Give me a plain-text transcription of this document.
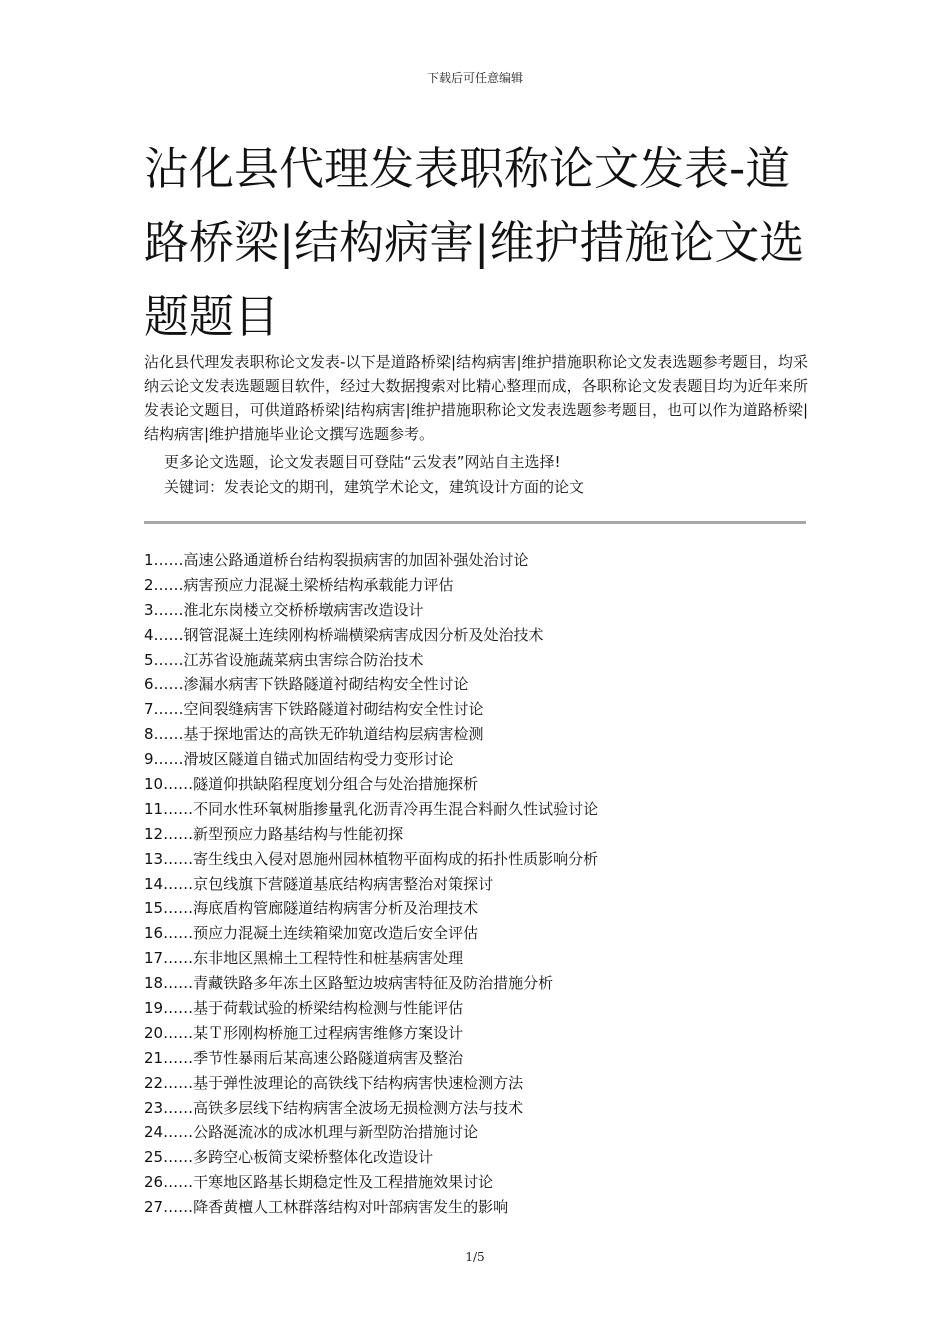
下载后可任意编辑
沾化县代理发表职称论文发表-道路桥梁|结构病害|维护措施论文选题题目

沾化县代理发表职称论文发表-以下是道路桥梁|结构病害|维护措施职称论文发表选题参考题目，均采纳云论文发表选题题目软件，经过大数据搜索对比精心整理而成，各职称论文发表题目均为近年来所发表论文题目，可供道路桥梁|结构病害|维护措施职称论文发表选题参考题目，也可以作为道路桥梁|结构病害|维护措施毕业论文撰写选题参考。

更多论文选题，论文发表题目可登陆“云发表”网站自主选择!

关键词：发表论文的期刊，建筑学术论文，建筑设计方面的论文

1……高速公路通道桥台结构裂损病害的加固补强处治讨论
2……病害预应力混凝土梁桥结构承载能力评估
3……淮北东岗楼立交桥桥墩病害改造设计
4……钢管混凝土连续刚构桥端横梁病害成因分析及处治技术
5……江苏省设施蔬菜病虫害综合防治技术
6……渗漏水病害下铁路隧道衬砌结构安全性讨论
7……空间裂缝病害下铁路隧道衬砌结构安全性讨论
8……基于探地雷达的高铁无砟轨道结构层病害检测
9……滑坡区隧道自锚式加固结构受力变形讨论
10……隧道仰拱缺陷程度划分组合与处治措施探析
11……不同水性环氧树脂掺量乳化沥青冷再生混合料耐久性试验讨论
12……新型预应力路基结构与性能初探
13……寄生线虫入侵对恩施州园林植物平面构成的拓扑性质影响分析
14……京包线旗下营隧道基底结构病害整治对策探讨
15……海底盾构管廊隧道结构病害分析及治理技术
16……预应力混凝土连续箱梁加宽改造后安全评估
17……东非地区黑棉土工程特性和桩基病害处理
18……青藏铁路多年冻土区路堑边坡病害特征及防治措施分析
19……基于荷载试验的桥梁结构检测与性能评估
20……某Ｔ形刚构桥施工过程病害维修方案设计
21……季节性暴雨后某高速公路隧道病害及整治
22……基于弹性波理论的高铁线下结构病害快速检测方法
23……高铁多层线下结构病害全波场无损检测方法与技术
24……公路涎流冰的成冰机理与新型防治措施讨论
25……多跨空心板简支梁桥整体化改造设计
26……干寒地区路基长期稳定性及工程措施效果讨论
27……降香黄檀人工林群落结构对叶部病害发生的影响
1/5
